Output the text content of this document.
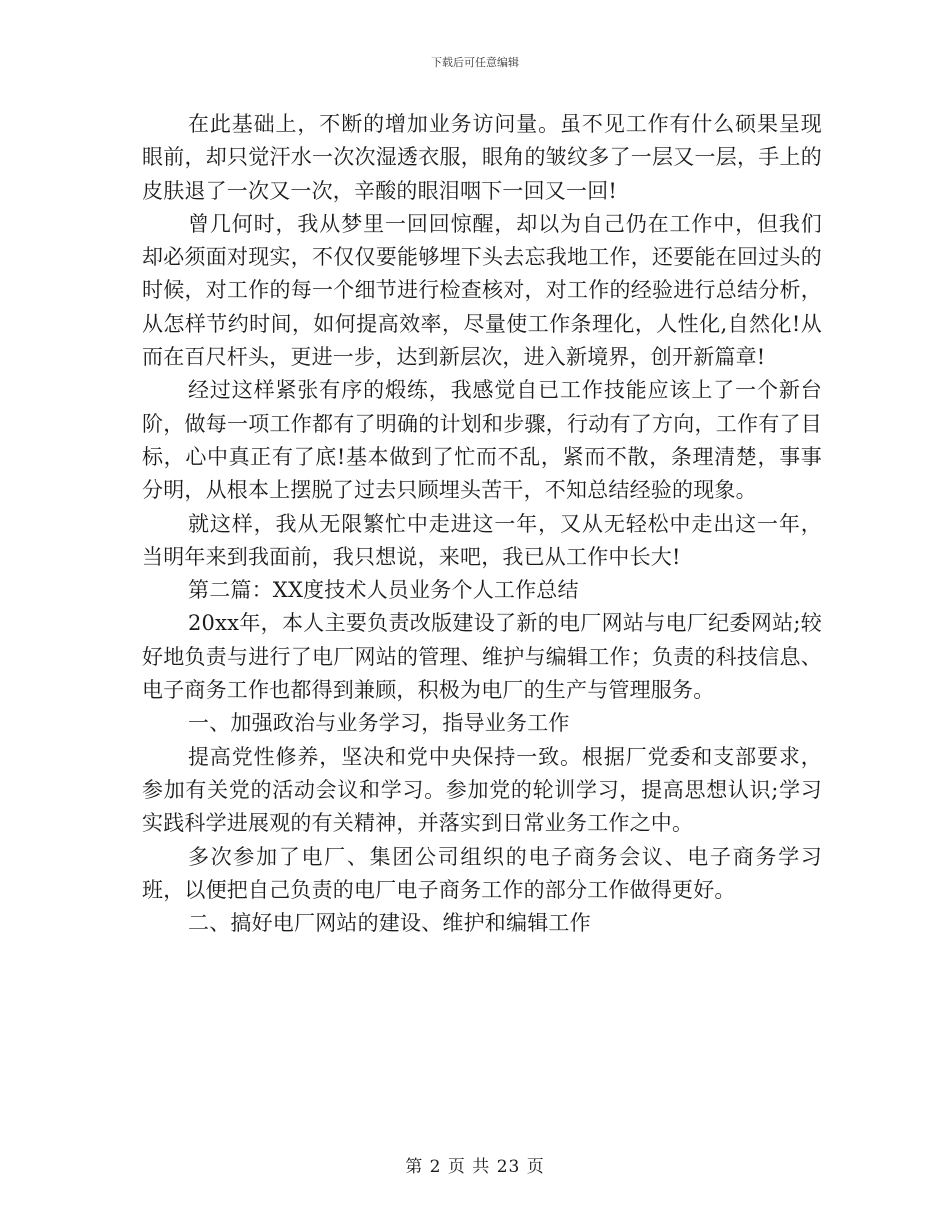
下载后可任意编辑

在此基础上，不断的增加业务访问量。虽不见工作有什么硕果呈现眼前，却只觉汗水一次次湿透衣服，眼角的皱纹多了一层又一层，手上的皮肤退了一次又一次，辛酸的眼泪咽下一回又一回!

曾几何时，我从梦里一回回惊醒，却以为自己仍在工作中，但我们却必须面对现实，不仅仅要能够埋下头去忘我地工作，还要能在回过头的时候，对工作的每一个细节进行检查核对，对工作的经验进行总结分析，从怎样节约时间，如何提高效率，尽量使工作条理化，人性化,自然化!从而在百尺杆头，更进一步，达到新层次，进入新境界，创开新篇章!

经过这样紧张有序的煅练，我感觉自已工作技能应该上了一个新台阶，做每一项工作都有了明确的计划和步骤，行动有了方向，工作有了目标，心中真正有了底!基本做到了忙而不乱，紧而不散，条理清楚，事事分明，从根本上摆脱了过去只顾埋头苦干，不知总结经验的现象。

就这样，我从无限繁忙中走进这一年，又从无轻松中走出这一年，当明年来到我面前，我只想说，来吧，我已从工作中长大!

第二篇：XX度技术人员业务个人工作总结

20xx年，本人主要负责改版建设了新的电厂网站与电厂纪委网站;较好地负责与进行了电厂网站的管理、维护与编辑工作；负责的科技信息、电子商务工作也都得到兼顾，积极为电厂的生产与管理服务。

一、加强政治与业务学习，指导业务工作

提高党性修养，坚决和党中央保持一致。根据厂党委和支部要求，参加有关党的活动会议和学习。参加党的轮训学习，提高思想认识;学习实践科学进展观的有关精神，并落实到日常业务工作之中。

多次参加了电厂、集团公司组织的电子商务会议、电子商务学习班，以便把自己负责的电厂电子商务工作的部分工作做得更好。

二、搞好电厂网站的建设、维护和编辑工作

第 2 页 共 23 页
